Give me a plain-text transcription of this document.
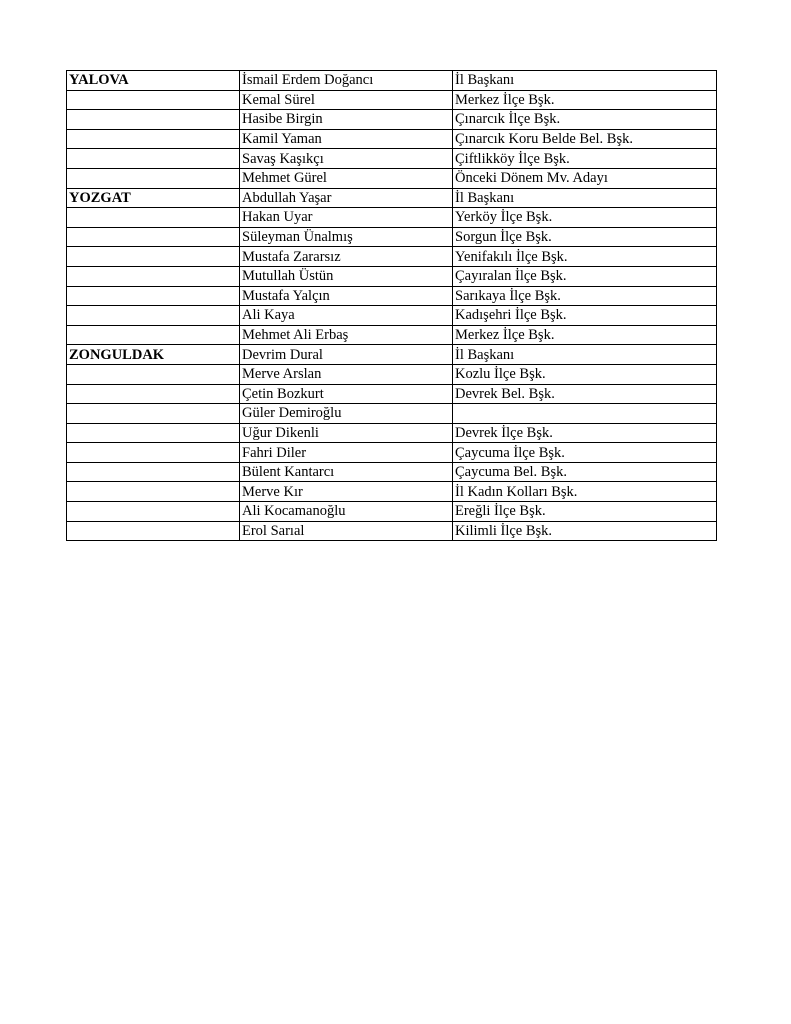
YALOVA	İsmail Erdem Doğancı	İl Başkanı
	Kemal Sürel	Merkez İlçe Bşk.
	Hasibe Birgin	Çınarcık İlçe Bşk.
	Kamil Yaman	Çınarcık Koru Belde Bel. Bşk.
	Savaş Kaşıkçı	Çiftlikköy İlçe Bşk.
	Mehmet Gürel	Önceki Dönem Mv. Adayı
YOZGAT	Abdullah Yaşar	İl Başkanı
	Hakan Uyar	Yerköy İlçe Bşk.
	Süleyman Ünalmış	Sorgun İlçe Bşk.
	Mustafa Zararsız	Yenifakılı İlçe Bşk.
	Mutullah Üstün	Çayıralan İlçe Bşk.
	Mustafa Yalçın	Sarıkaya İlçe Bşk.
	Ali Kaya	Kadışehri İlçe Bşk.
	Mehmet Ali Erbaş	Merkez İlçe Bşk.
ZONGULDAK	Devrim Dural	İl Başkanı
	Merve Arslan	Kozlu İlçe Bşk.
	Çetin Bozkurt	Devrek Bel. Bşk.
	Güler Demiroğlu	
	Uğur Dikenli	Devrek İlçe Bşk.
	Fahri Diler	Çaycuma İlçe Bşk.
	Bülent Kantarcı	Çaycuma Bel. Bşk.
	Merve Kır	İl Kadın Kolları Bşk.
	Ali Kocamanoğlu	Ereğli İlçe Bşk.
	Erol Sarıal	Kilimli İlçe Bşk.
